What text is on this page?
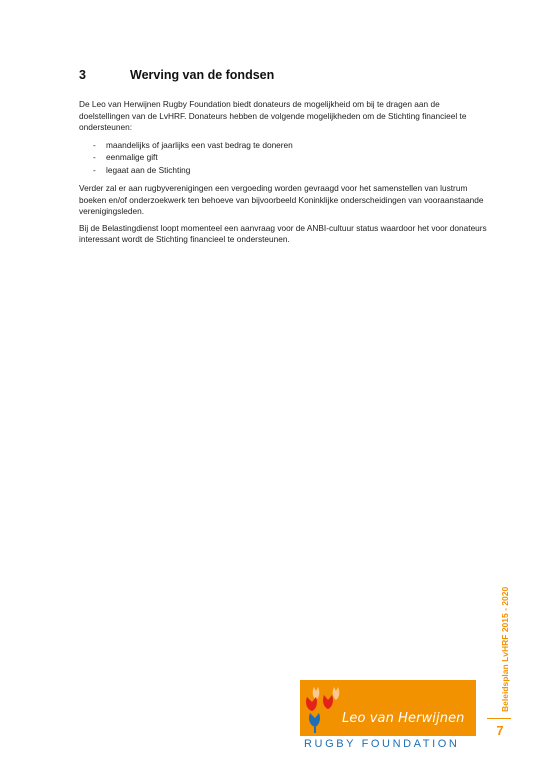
3	Werving van de fondsen

De Leo van Herwijnen Rugby Foundation biedt donateurs de mogelijkheid om bij te dragen aan de doelstellingen van de LvHRF. Donateurs hebben de volgende mogelijkheden om de Stichting financieel te ondersteunen:

-	maandelijks of jaarlijks een vast bedrag te doneren
-	eenmalige gift
-	legaat aan de Stichting

Verder zal er aan rugbyverenigingen een vergoeding worden gevraagd voor het samenstellen van lustrum boeken en/of onderzoekwerk ten behoeve van bijvoorbeeld Koninklijke onderscheidingen van vooraanstaande verenigingsleden.

Bij de Belastingdienst loopt momenteel een aanvraag voor de ANBI-cultuur status waardoor het voor donateurs interessant wordt de Stichting financieel te ondersteunen.

Leo van Herwijnen
RUGBY FOUNDATION
Beleidsplan LvHRF 2015 - 2020
7
